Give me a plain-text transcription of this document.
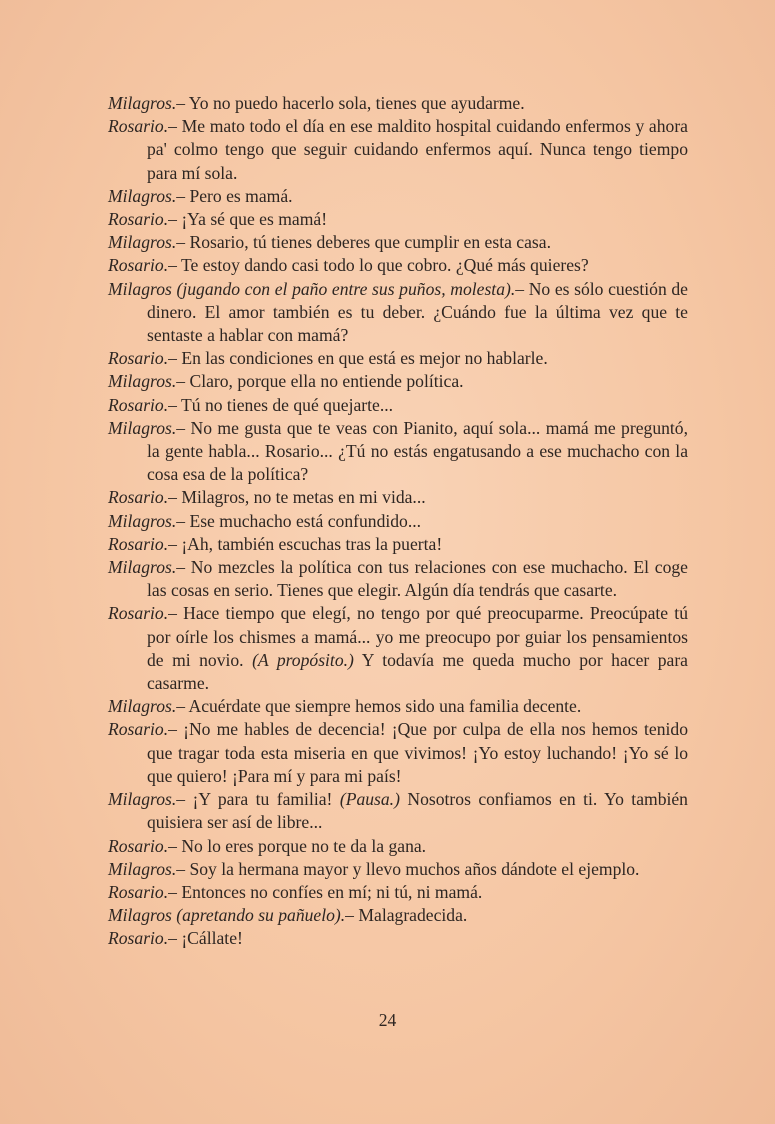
Milagros.– Yo no puedo hacerlo sola, tienes que ayudarme.
Rosario.– Me mato todo el día en ese maldito hospital cuidando enfermos y ahora pa' colmo tengo que seguir cuidando enfermos aquí. Nunca tengo tiempo para mí sola.
Milagros.– Pero es mamá.
Rosario.– ¡Ya sé que es mamá!
Milagros.– Rosario, tú tienes deberes que cumplir en esta casa.
Rosario.– Te estoy dando casi todo lo que cobro. ¿Qué más quieres?
Milagros (jugando con el paño entre sus puños, molesta).– No es sólo cuestión de dinero. El amor también es tu deber. ¿Cuándo fue la última vez que te sentaste a hablar con mamá?
Rosario.– En las condiciones en que está es mejor no hablarle.
Milagros.– Claro, porque ella no entiende política.
Rosario.– Tú no tienes de qué quejarte...
Milagros.– No me gusta que te veas con Pianito, aquí sola... mamá me preguntó, la gente habla... Rosario... ¿Tú no estás engatusando a ese muchacho con la cosa esa de la política?
Rosario.– Milagros, no te metas en mi vida...
Milagros.– Ese muchacho está confundido...
Rosario.– ¡Ah, también escuchas tras la puerta!
Milagros.– No mezcles la política con tus relaciones con ese muchacho. El coge las cosas en serio. Tienes que elegir. Algún día tendrás que casarte.
Rosario.– Hace tiempo que elegí, no tengo por qué preocuparme. Preocúpate tú por oírle los chismes a mamá... yo me preocupo por guiar los pensamientos de mi novio. (A propósito.) Y todavía me queda mucho por hacer para casarme.
Milagros.– Acuérdate que siempre hemos sido una familia decente.
Rosario.– ¡No me hables de decencia! ¡Que por culpa de ella nos hemos tenido que tragar toda esta miseria en que vivimos! ¡Yo estoy luchando! ¡Yo sé lo que quiero! ¡Para mí y para mi país!
Milagros.– ¡Y para tu familia! (Pausa.) Nosotros confiamos en ti. Yo también quisiera ser así de libre...
Rosario.– No lo eres porque no te da la gana.
Milagros.– Soy la hermana mayor y llevo muchos años dándote el ejemplo.
Rosario.– Entonces no confíes en mí; ni tú, ni mamá.
Milagros (apretando su pañuelo).– Malagradecida.
Rosario.– ¡Cállate!
24
